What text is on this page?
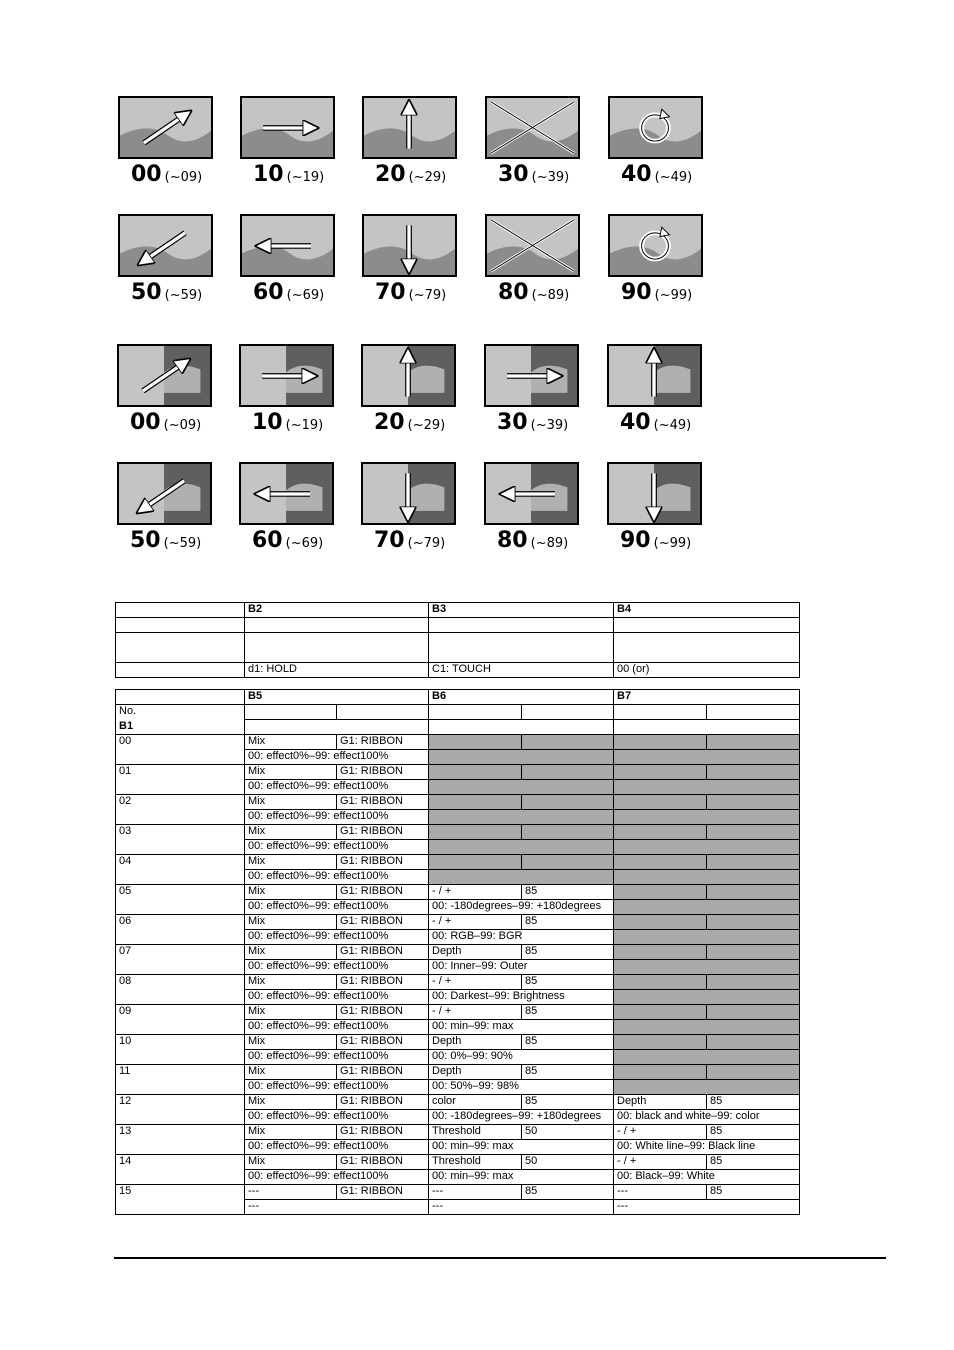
00 (~09)	10 (~19)	20 (~29)	30 (~39)	40 (~49)
50 (~59)	60 (~69)	70 (~79)	80 (~89)	90 (~99)
00 (~09)	10 (~19)	20 (~29)	30 (~39)	40 (~49)
50 (~59)	60 (~69)	70 (~79)	80 (~89)	90 (~99)
	B2	B3	B4

	d1: HOLD	C1: TOUCH	00 (or)
	B5		B6		B7	
No.						
B1						
00	Mix	G1: RIBBON				
	00: effect0%–99: effect100%					
01	Mix	G1: RIBBON				
	00: effect0%–99: effect100%					
02	Mix	G1: RIBBON				
	00: effect0%–99: effect100%					
03	Mix	G1: RIBBON				
	00: effect0%–99: effect100%					
04	Mix	G1: RIBBON				
	00: effect0%–99: effect100%					
05	Mix	G1: RIBBON	- / +	85		
	00: effect0%–99: effect100%		00: -180degrees–99: +180degrees			
06	Mix	G1: RIBBON	- / +	85		
	00: effect0%–99: effect100%		00: RGB–99: BGR			
07	Mix	G1: RIBBON	Depth	85		
	00: effect0%–99: effect100%		00: Inner–99: Outer			
08	Mix	G1: RIBBON	- / +	85		
	00: effect0%–99: effect100%		00: Darkest–99: Brightness			
09	Mix	G1: RIBBON	- / +	85		
	00: effect0%–99: effect100%		00: min–99: max			
10	Mix	G1: RIBBON	Depth	85		
	00: effect0%–99: effect100%		00: 0%–99: 90%			
11	Mix	G1: RIBBON	Depth	85		
	00: effect0%–99: effect100%		00: 50%–99: 98%			
12	Mix	G1: RIBBON	color	85	Depth	85
	00: effect0%–99: effect100%		00: -180degrees–99: +180degrees		00: black and white–99: color	
13	Mix	G1: RIBBON	Threshold	50	- / +	85
	00: effect0%–99: effect100%		00: min–99: max		00: White line–99: Black line	
14	Mix	G1: RIBBON	Threshold	50	- / +	85
	00: effect0%–99: effect100%		00: min–99: max		00: Black–99: White	
15	---	G1: RIBBON	---	85	---	85
	---		---		---	
